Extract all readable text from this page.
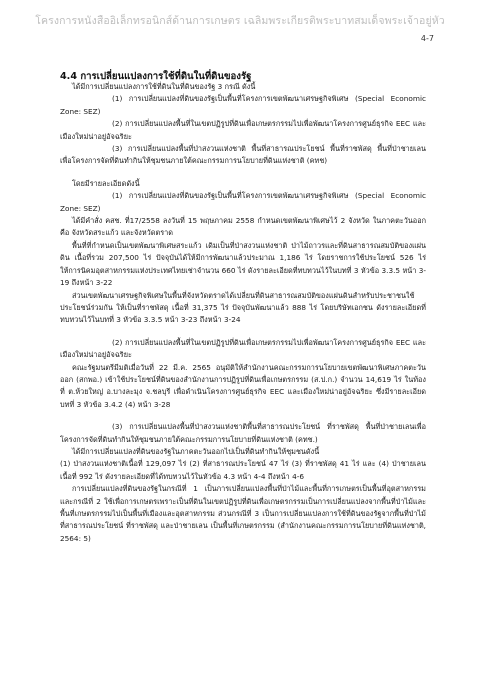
โครงการหนังสืออิเล็กทรอนิกส์ด้านการเกษตร เฉลิมพระเกียรติพระบาทสมเด็จพระเจ้าอยู่หัว
4-7
4.4 การเปลี่ยนแปลงการใช้ที่ดินในที่ดินของรัฐ

ได้มีการเปลี่ยนแปลงการใช้ที่ดินในที่ดินของรัฐ 3 กรณี ดังนี้

(1) การเปลี่ยนแปลงที่ดินของรัฐเป็นพื้นที่โครงการเขตพัฒนาเศรษฐกิจพิเศษ (Special Economic Zone: SEZ)

(2) การเปลี่ยนแปลงพื้นที่ในเขตปฏิรูปที่ดินเพื่อเกษตรกรรมไปเพื่อพัฒนาโครงการศูนย์ธุรกิจ EEC และเมืองใหม่น่าอยู่อัจฉริยะ

(3) การเปลี่ยนแปลงพื้นที่ป่าสงวนแห่งชาติ พื้นที่สาธารณประโยชน์ พื้นที่ราชพัสดุ พื้นที่ป่าชายเลน เพื่อโครงการจัดที่ดินทำกินให้ชุมชนภายใต้คณะกรรมการนโยบายที่ดินแห่งชาติ (คทช)

โดยมีรายละเอียดดังนี้

(1) การเปลี่ยนแปลงที่ดินของรัฐเป็นพื้นที่โครงการเขตพัฒนาเศรษฐกิจพิเศษ (Special Economic Zone: SEZ)

ได้มีคำสั่ง คสช. ที่17/2558 ลงวันที่ 15 พฤษภาคม 2558 กำหนดเขตพัฒนาพิเศษไว้ 2 จังหวัด ในภาคตะวันออก คือ จังหวัดสระแก้ว และจังหวัดตราด

พื้นที่ที่กำหนดเป็นเขตพัฒนาพิเศษสระแก้ว เดิมเป็นที่ป่าสงวนแห่งชาติ ป่าไม้ถาวรและที่ดินสาธารณสมบัติของแผ่นดิน เนื้อที่รวม 207,500 ไร่ ปัจจุบันได้ให้มีการพัฒนาแล้วประมาณ 1,186 ไร่ โดยราชการใช้ประโยชน์ 526 ไร่ ให้การนิคมอุตสาหกรรมแห่งประเทศไทยเช่าจำนวน 660 ไร่ ดังรายละเอียดที่ทบทวนไว้ในบทที่ 3 หัวข้อ 3.3.5 หน้า 3-19 ถึงหน้า 3-22

ส่วนเขตพัฒนาเศรษฐกิจพิเศษในพื้นที่จังหวัดตราดได้เปลี่ยนที่ดินสาธารณสมบัติของแผ่นดินสำหรับประชาชนใช้ประโยชน์ร่วมกัน ให้เป็นที่ราชพัสดุ เนื้อที่ 31,375 ไร่ ปัจจุบันพัฒนาแล้ว 888 ไร่ โดยบริษัทเอกชน ดังรายละเอียดที่ทบทวนไว้ในบทที่ 3 หัวข้อ 3.3.5 หน้า 3-23 ถึงหน้า 3-24

(2) การเปลี่ยนแปลงพื้นที่ในเขตปฏิรูปที่ดินเพื่อเกษตรกรรมไปเพื่อพัฒนาโครงการศูนย์ธุรกิจ EEC และเมืองใหม่น่าอยู่อัจฉริยะ

คณะรัฐมนตรีมีมติเมื่อวันที่ 22 มี.ค. 2565 อนุมัติให้สำนักงานคณะกรรมการนโยบายเขตพัฒนาพิเศษภาคตะวันออก (สกพอ.) เข้าใช้ประโยชน์ที่ดินของสำนักงานการปฏิรูปที่ดินเพื่อเกษตรกรรม (ส.ป.ก.) จำนวน 14,619 ไร่ ในท้องที่ ต.ห้วยใหญ่ อ.บางละมุง จ.ชลบุรี เพื่อดำเนินโครงการศูนย์ธุรกิจ EEC และเมืองใหม่น่าอยู่อัจฉริยะ ซึ่งมีรายละเอียดบทที่ 3 หัวข้อ 3.4.2 (4) หน้า 3-28

(3) การเปลี่ยนแปลงพื้นที่ป่าสงวนแห่งชาติพื้นที่สาธารณประโยชน์ ที่ราชพัสดุ พื้นที่ป่าชายเลนเพื่อโครงการจัดที่ดินทำกินให้ชุมชนภายใต้คณะกรรมการนโยบายที่ดินแห่งชาติ (คทช.)

ได้มีการเปลี่ยนแปลงที่ดินของรัฐในภาคตะวันออกไปเป็นที่ดินทำกินให้ชุมชนดังนี้

(1) ป่าสงวนแห่งชาติเนื้อที่ 129,097 ไร่ (2) ที่สาธารณประโยชน์ 47 ไร่ (3) ที่ราชพัสดุ 41 ไร่ และ (4) ป่าชายเลน เนื้อที่ 992 ไร่ ดังรายละเอียดที่ได้ทบทวนไว้ในหัวข้อ 4.3 หน้า 4-4 ถึงหน้า 4-6

การเปลี่ยนแปลงที่ดินของรัฐในกรณีที่ 1 เป็นการเปลี่ยนแปลงพื้นที่ป่าไม้และพื้นที่การเกษตรเป็นพื้นที่อุตสาหกรรม และกรณีที่ 2 ใช้เพื่อการเกษตรเพราะเป็นที่ดินในเขตปฏิรูปที่ดินเพื่อเกษตรกรรมเป็นการเปลี่ยนแปลงจากพื้นที่ป่าไม้และพื้นที่เกษตรกรรมไปเป็นพื้นที่เมืองและอุตสาหกรรม ส่วนกรณีที่ 3 เป็นการเปลี่ยนแปลงการใช้ที่ดินของรัฐจากพื้นที่ป่าไม้ ที่สาธารณประโยชน์ ที่ราชพัสดุ และป่าชายเลน เป็นพื้นที่เกษตรกรรม (สำนักงานคณะกรรมการนโยบายที่ดินแห่งชาติ, 2564: 5)
